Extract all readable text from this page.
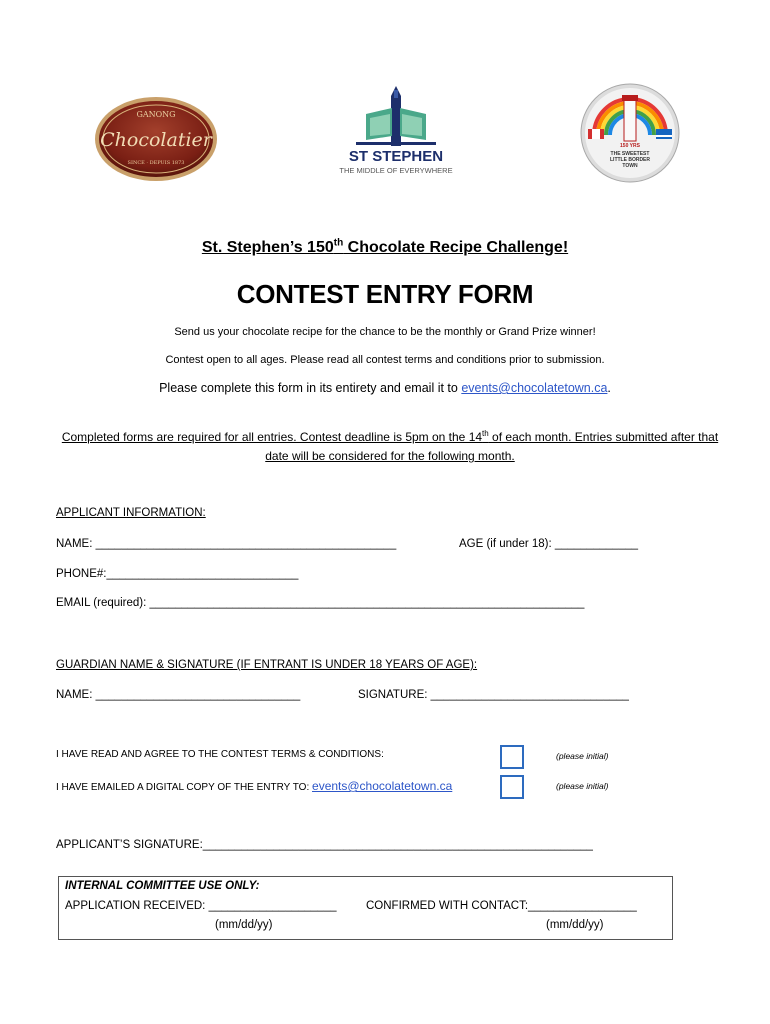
GANONG
Chocolatier
SINCE · DEPUIS 1873	ST STEPHEN
THE MIDDLE OF EVERYWHERE
150 YRS
THE SWEETEST
LITTLE BORDER
TOWN
St. Stephen’s 150th Chocolate Recipe Challenge!
CONTEST ENTRY FORM
Send us your chocolate recipe for the chance to be the monthly or Grand Prize winner!
Contest open to all ages. Please read all contest terms and conditions prior to submission.
Please complete this form in its entirety and email it to events@chocolatetown.ca.
Completed forms are required for all entries. Contest deadline is 5pm on the 14th of each month. Entries submitted after that date will be considered for the following month.
APPLICANT INFORMATION:
NAME: _______________________________________________	AGE (if under 18): _____________
PHONE#:______________________________
EMAIL (required): ____________________________________________________________________
GUARDIAN NAME & SIGNATURE (IF ENTRANT IS UNDER 18 YEARS OF AGE):
NAME: ________________________________	SIGNATURE: _______________________________
I HAVE READ AND AGREE TO THE CONTEST TERMS & CONDITIONS:	(please initial)
I HAVE EMAILED A DIGITAL COPY OF THE ENTRY TO: events@chocolatetown.ca	(please initial)
APPLICANT’S SIGNATURE:_____________________________________________________________
INTERNAL COMMITTEE USE ONLY:
APPLICATION RECEIVED: ____________________	CONFIRMED WITH CONTACT:_________________
(mm/dd/yy)	(mm/dd/yy)
